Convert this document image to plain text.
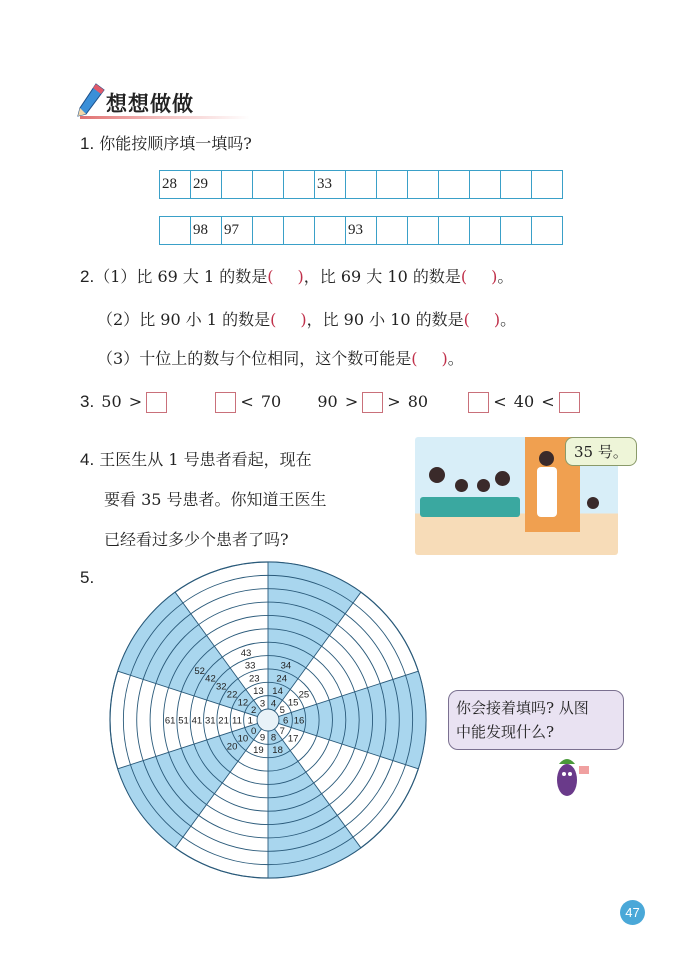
想想做做
1. 你能按顺序填一填吗?
28	29				33							
	98	97				93						
2.（1）比 69 大 1 的数是( )，比 69 大 10 的数是( )。
（2）比 90 小 1 的数是( )，比 90 小 10 的数是( )。
（3）十位上的数与个位相同，这个数可能是( )。
3. 50 >	< 70 90 > > 80	< 40 <
4. 王医生从 1 号患者看起，现在
要看 35 号患者。你知道王医生
已经看过多少个患者了吗?
35 号。
5.
1
2
3 4
5
6
7
8
9
0
11
12
13 14
15
16
17
18
19
10
21
22
23 24
25
20
31
32
33	34
41
42
43
51
52
61
你会接着填吗? 从图
中能发现什么?
47
